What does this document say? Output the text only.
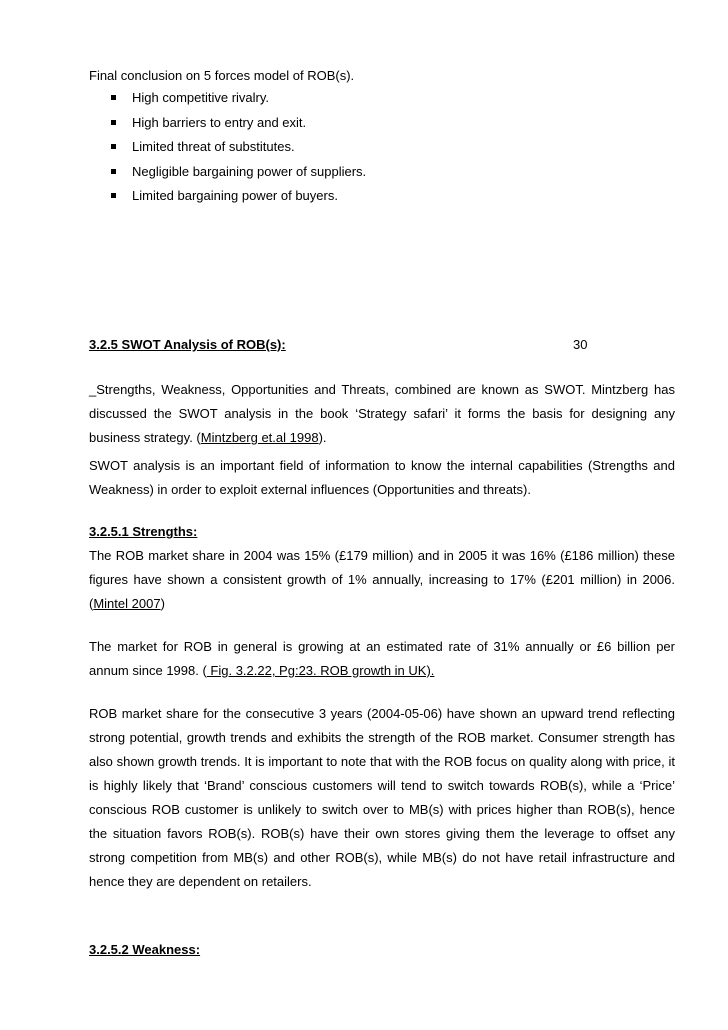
Final conclusion on 5 forces model of ROB(s).

High competitive rivalry.
High barriers to entry and exit.
Limited threat of substitutes.
Negligible bargaining power of suppliers.
Limited bargaining power of buyers.

3.2.5 SWOT Analysis of ROB(s):	30

_Strengths, Weakness, Opportunities and Threats, combined are known as SWOT. Mintzberg has discussed the SWOT analysis in the book ‘Strategy safari’ it forms the basis for designing any business strategy. (Mintzberg et.al 1998).

SWOT analysis is an important field of information to know the internal capabilities (Strengths and Weakness) in order to exploit external influences (Opportunities and threats).

3.2.5.1 Strengths:

The ROB market share in 2004 was 15% (£179 million) and in 2005 it was 16% (£186 million) these figures have shown a consistent growth of 1% annually, increasing to 17% (£201 million) in 2006. (Mintel 2007)

The market for ROB in general is growing at an estimated rate of 31% annually or £6 billion per annum since 1998. ( Fig. 3.2.22, Pg:23. ROB growth in UK).

ROB market share for the consecutive 3 years (2004-05-06) have shown an upward trend reflecting strong potential, growth trends and exhibits the strength of the ROB market. Consumer strength has also shown growth trends. It is important to note that with the ROB focus on quality along with price, it is highly likely that ‘Brand’ conscious customers will tend to switch towards ROB(s), while a ‘Price’ conscious ROB customer is unlikely to switch over to MB(s) with prices higher than ROB(s), hence the situation favors ROB(s). ROB(s) have their own stores giving them the leverage to offset any strong competition from MB(s) and other ROB(s), while MB(s) do not have retail infrastructure and hence they are dependent on retailers.

3.2.5.2 Weakness:
